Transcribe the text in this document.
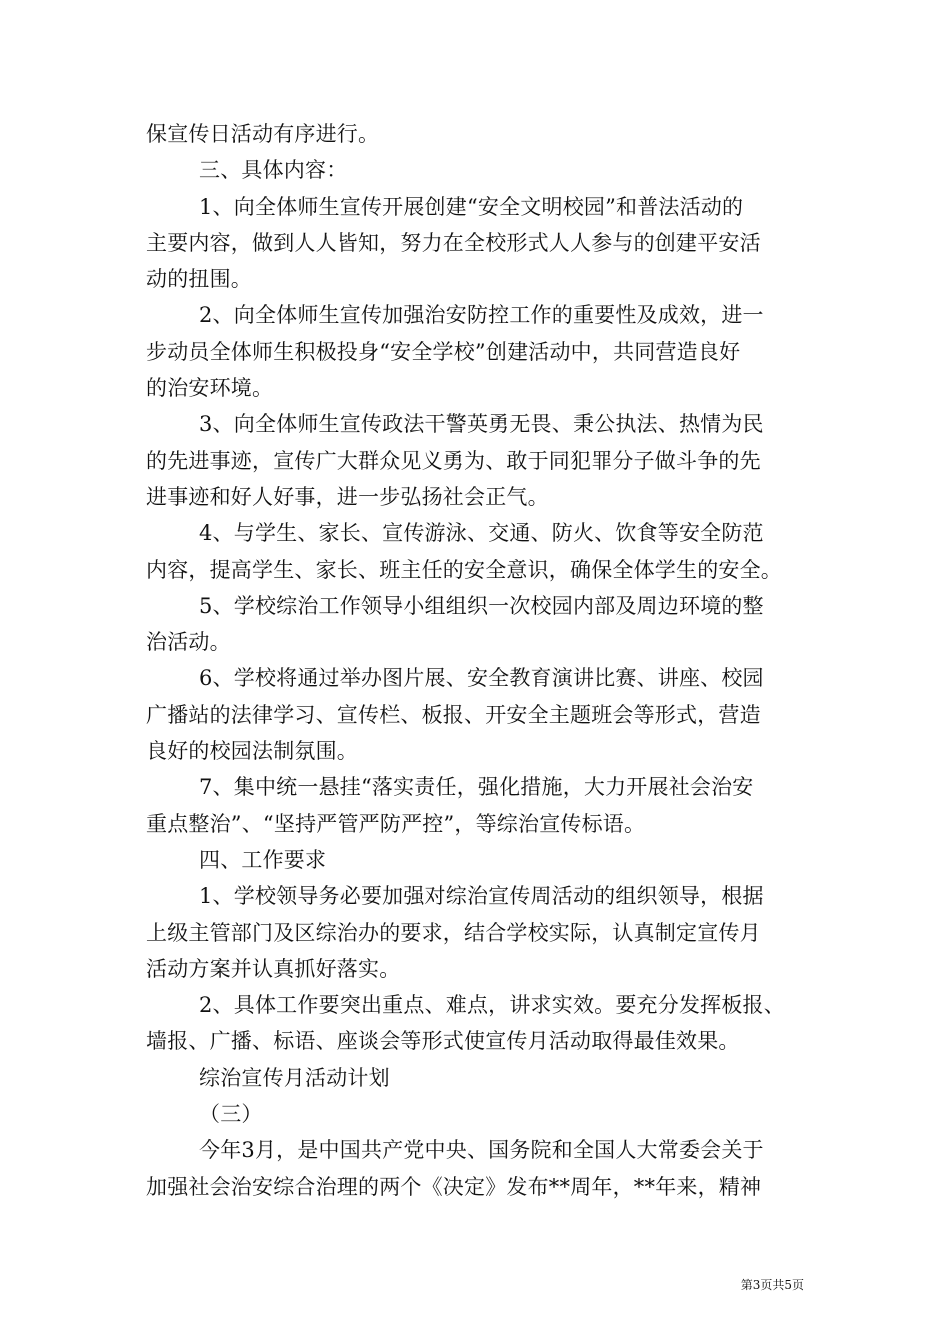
保宣传日活动有序进行。
三、具体内容：
1、向全体师生宣传开展创建“安全文明校园”和普法活动的
主要内容，做到人人皆知，努力在全校形式人人参与的创建平安活
动的扭围。
2、向全体师生宣传加强治安防控工作的重要性及成效，进一
步动员全体师生积极投身“安全学校”创建活动中，共同营造良好
的治安环境。
3、向全体师生宣传政法干警英勇无畏、秉公执法、热情为民
的先进事迹，宣传广大群众见义勇为、敢于同犯罪分子做斗争的先
进事迹和好人好事，进一步弘扬社会正气。
4、与学生、家长、宣传游泳、交通、防火、饮食等安全防范
内容，提高学生、家长、班主任的安全意识，确保全体学生的安全。
5、学校综治工作领导小组组织一次校园内部及周边环境的整
治活动。
6、学校将通过举办图片展、安全教育演讲比赛、讲座、校园
广播站的法律学习、宣传栏、板报、开安全主题班会等形式，营造
良好的校园法制氛围。
7、集中统一悬挂“落实责任，强化措施，大力开展社会治安
重点整治”、“坚持严管严防严控”，等综治宣传标语。
四、工作要求
1、学校领导务必要加强对综治宣传周活动的组织领导，根据
上级主管部门及区综治办的要求，结合学校实际，认真制定宣传月
活动方案并认真抓好落实。
2、具体工作要突出重点、难点，讲求实效。要充分发挥板报、
墙报、广播、标语、座谈会等形式使宣传月活动取得最佳效果。
综治宣传月活动计划
（三）
今年3月，是中国共产党中央、国务院和全国人大常委会关于
加强社会治安综合治理的两个《决定》发布**周年，**年来，精神
第3页共5页
